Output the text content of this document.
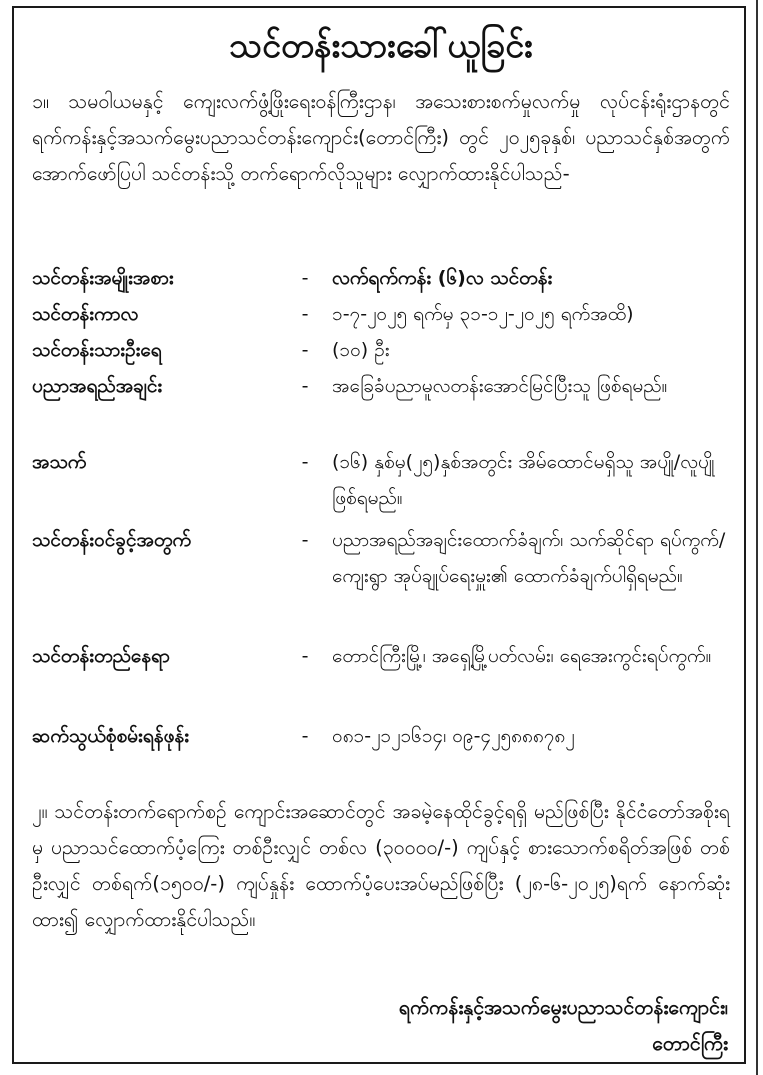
သင်တန်းသားခေါ်ယူခြင်း
၁။ သမဝါယမနှင့် ကျေးလက်ဖွံ့ဖြိုးရေးဝန်ကြီးဌာန၊ အသေးစားစက်မှုလက်မှု လုပ်ငန်းရုံးဌာနတွင် ရက်ကန်းနှင့်အသက်မွေးပညာသင်တန်းကျောင်း(တောင်ကြီး) တွင် ၂၀၂၅ခုနှစ်၊ ပညာသင်နှစ်အတွက် အောက်ဖော်ပြပါ သင်တန်းသို့ တက်ရောက်လိုသူများ လျှောက်ထားနိုင်ပါသည်-
သင်တန်းအမျိုးအစား	-	လက်ရက်ကန်း (၆)လ သင်တန်း
သင်တန်းကာလ	-	၁-၇-၂၀၂၅ ရက်မှ ၃၁-၁၂-၂၀၂၅ ရက်အထိ)
သင်တန်းသားဦးရေ	-	(၁၀) ဦး
ပညာအရည်အချင်း	-	အခြေခံပညာမူလတန်းအောင်မြင်ပြီးသူ ဖြစ်ရမည်။
အသက်	-	(၁၆) နှစ်မှ(၂၅)နှစ်အတွင်း အိမ်ထောင်မရှိသူ အပျို/လူပျိုဖြစ်ရမည်။
သင်တန်းဝင်ခွင့်အတွက်	-	ပညာအရည်အချင်းထောက်ခံချက်၊ သက်ဆိုင်ရာ ရပ်ကွက်/ကျေးရွာ အုပ်ချုပ်ရေးမှူး၏ ထောက်ခံချက်ပါရှိရမည်။
သင်တန်းတည်နေရာ	-	တောင်ကြီးမြို့၊ အရှေ့မြို့ပတ်လမ်း၊ ရေအေးကွင်းရပ်ကွက်။
ဆက်သွယ်စုံစမ်းရန်ဖုန်း	-	၀၈၁-၂၁၂၁၆၁၄၊ ၀၉-၄၂၅၈၈၈၇၈၂
၂။ သင်တန်းတက်ရောက်စဉ် ကျောင်းအဆောင်တွင် အခမဲ့နေထိုင်ခွင့်ရရှိ မည်ဖြစ်ပြီး နိုင်ငံတော်အစိုးရမှ ပညာသင်ထောက်ပံ့ကြေး တစ်ဦးလျှင် တစ်လ (၃၀၀၀၀/-) ကျပ်နှင့် စားသောက်စရိတ်အဖြစ် တစ်ဦးလျှင် တစ်ရက်(၁၅၀၀/-) ကျပ်နှုန်း ထောက်ပံ့ပေးအပ်မည်ဖြစ်ပြီး (၂၈-၆-၂၀၂၅)ရက် နောက်ဆုံးထား၍ လျှောက်ထားနိုင်ပါသည်။
ရက်ကန်းနှင့်အသက်မွေးပညာသင်တန်းကျောင်း၊
တောင်ကြီး
